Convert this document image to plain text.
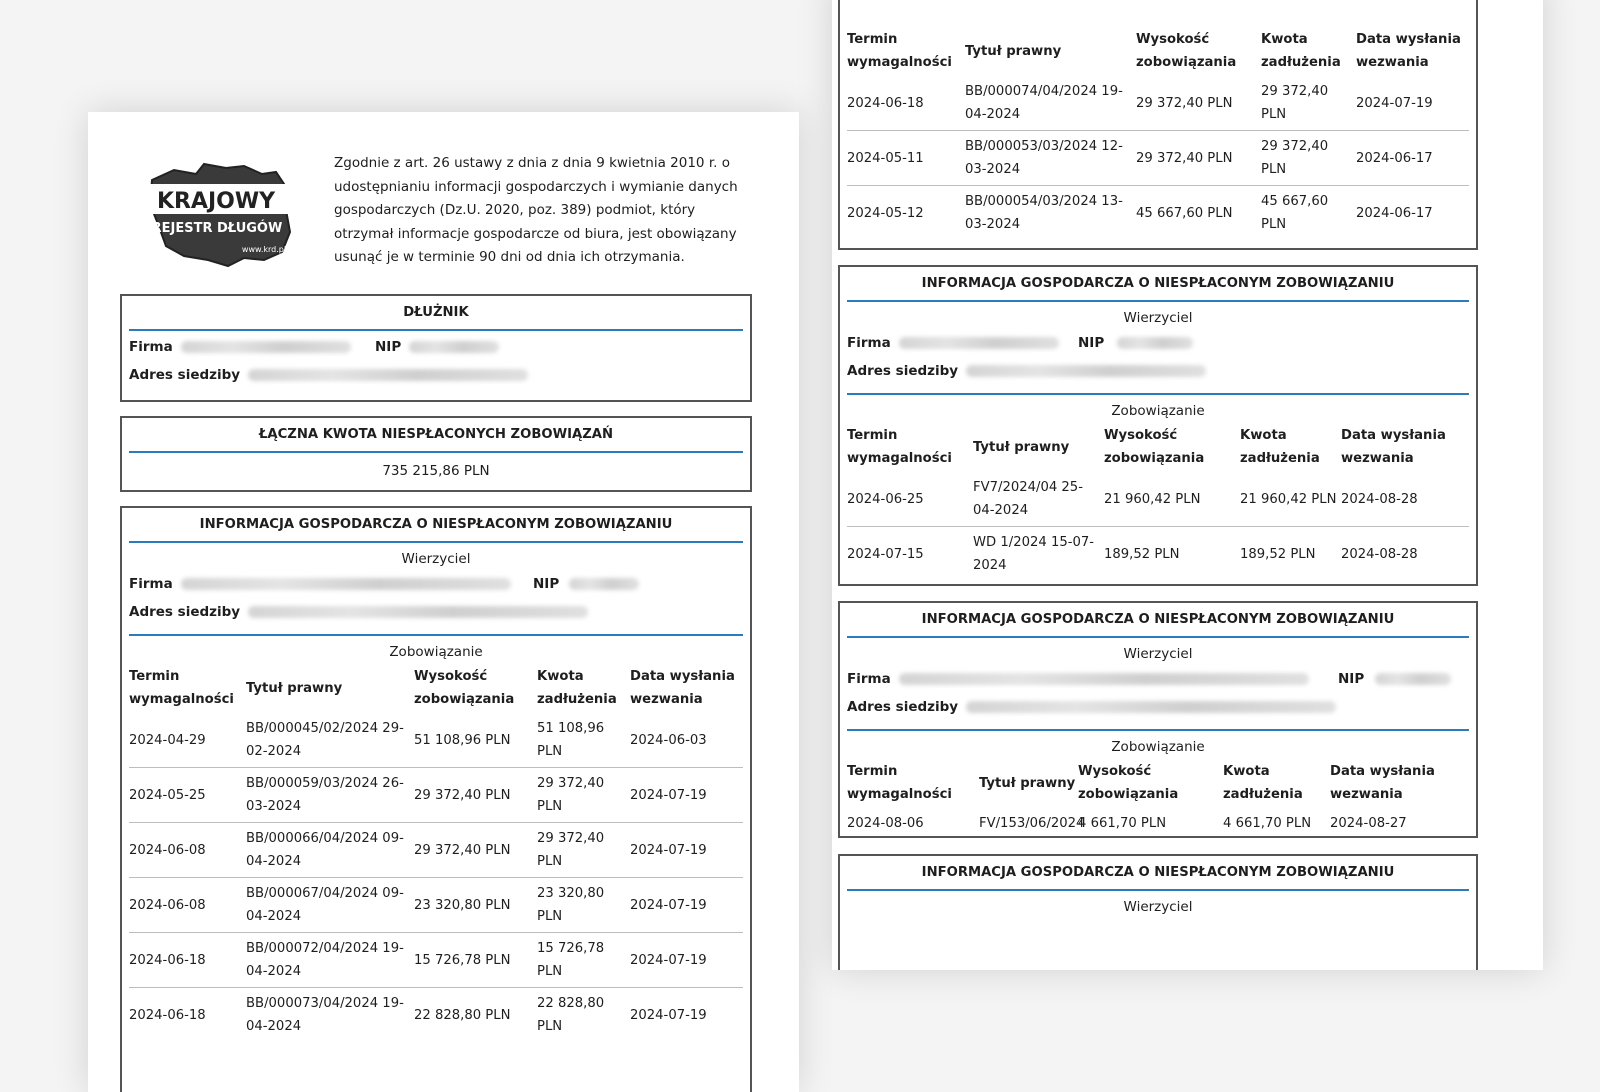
KRAJOWY
REJESTR DŁUGÓW
www.krd.pl
Zgodnie z art. 26 ustawy z dnia z dnia 9 kwietnia 2010 r. o udostępnianiu informacji gospodarczych i wymianie danych gospodarczych (Dz.U. 2020, poz. 389) podmiot, który otrzymał informacje gospodarcze od biura, jest obowiązany usunąć je w terminie 90 dni od dnia ich otrzymania.
DŁUŻNIK
Firma	NIP
Adres siedziby
ŁĄCZNA KWOTA NIESPŁACONYCH ZOBOWIĄZAŃ
735 215,86 PLN
INFORMACJA GOSPODARCZA O NIESPŁACONYM ZOBOWIĄZANIU
Wierzyciel
Firma	NIP
Adres siedziby
Zobowiązanie
Termin wymagalności	Tytuł prawny	Wysokość zobowiązania	Kwota zadłużenia	Data wysłania wezwania
2024-04-29	BB/000045/02/2024 29-02-2024	51 108,96 PLN	51 108,96 PLN	2024-06-03
2024-05-25	BB/000059/03/2024 26-03-2024	29 372,40 PLN	29 372,40 PLN	2024-07-19
2024-06-08	BB/000066/04/2024 09-04-2024	29 372,40 PLN	29 372,40 PLN	2024-07-19
2024-06-08	BB/000067/04/2024 09-04-2024	23 320,80 PLN	23 320,80 PLN	2024-07-19
2024-06-18	BB/000072/04/2024 19-04-2024	15 726,78 PLN	15 726,78 PLN	2024-07-19
2024-06-18	BB/000073/04/2024 19-04-2024	22 828,80 PLN	22 828,80 PLN	2024-07-19
Termin wymagalności	Tytuł prawny	Wysokość zobowiązania	Kwota zadłużenia	Data wysłania wezwania
2024-06-18	BB/000074/04/2024 19-04-2024	29 372,40 PLN	29 372,40 PLN	2024-07-19
2024-05-11	BB/000053/03/2024 12-03-2024	29 372,40 PLN	29 372,40 PLN	2024-06-17
2024-05-12	BB/000054/03/2024 13-03-2024	45 667,60 PLN	45 667,60 PLN	2024-06-17
INFORMACJA GOSPODARCZA O NIESPŁACONYM ZOBOWIĄZANIU
Wierzyciel
Firma	NIP
Adres siedziby
Zobowiązanie
Termin wymagalności	Tytuł prawny	Wysokość zobowiązania	Kwota zadłużenia	Data wysłania wezwania
2024-06-25	FV7/2024/04 25-04-2024	21 960,42 PLN	21 960,42 PLN	2024-08-28
2024-07-15	WD 1/2024 15-07-2024	189,52 PLN	189,52 PLN	2024-08-28
INFORMACJA GOSPODARCZA O NIESPŁACONYM ZOBOWIĄZANIU
Wierzyciel
Firma	NIP
Adres siedziby
Zobowiązanie
Termin wymagalności	Tytuł prawny	Wysokość zobowiązania	Kwota zadłużenia	Data wysłania wezwania
2024-08-06	FV/153/06/2024	4 661,70 PLN	4 661,70 PLN	2024-08-27
INFORMACJA GOSPODARCZA O NIESPŁACONYM ZOBOWIĄZANIU
Wierzyciel
